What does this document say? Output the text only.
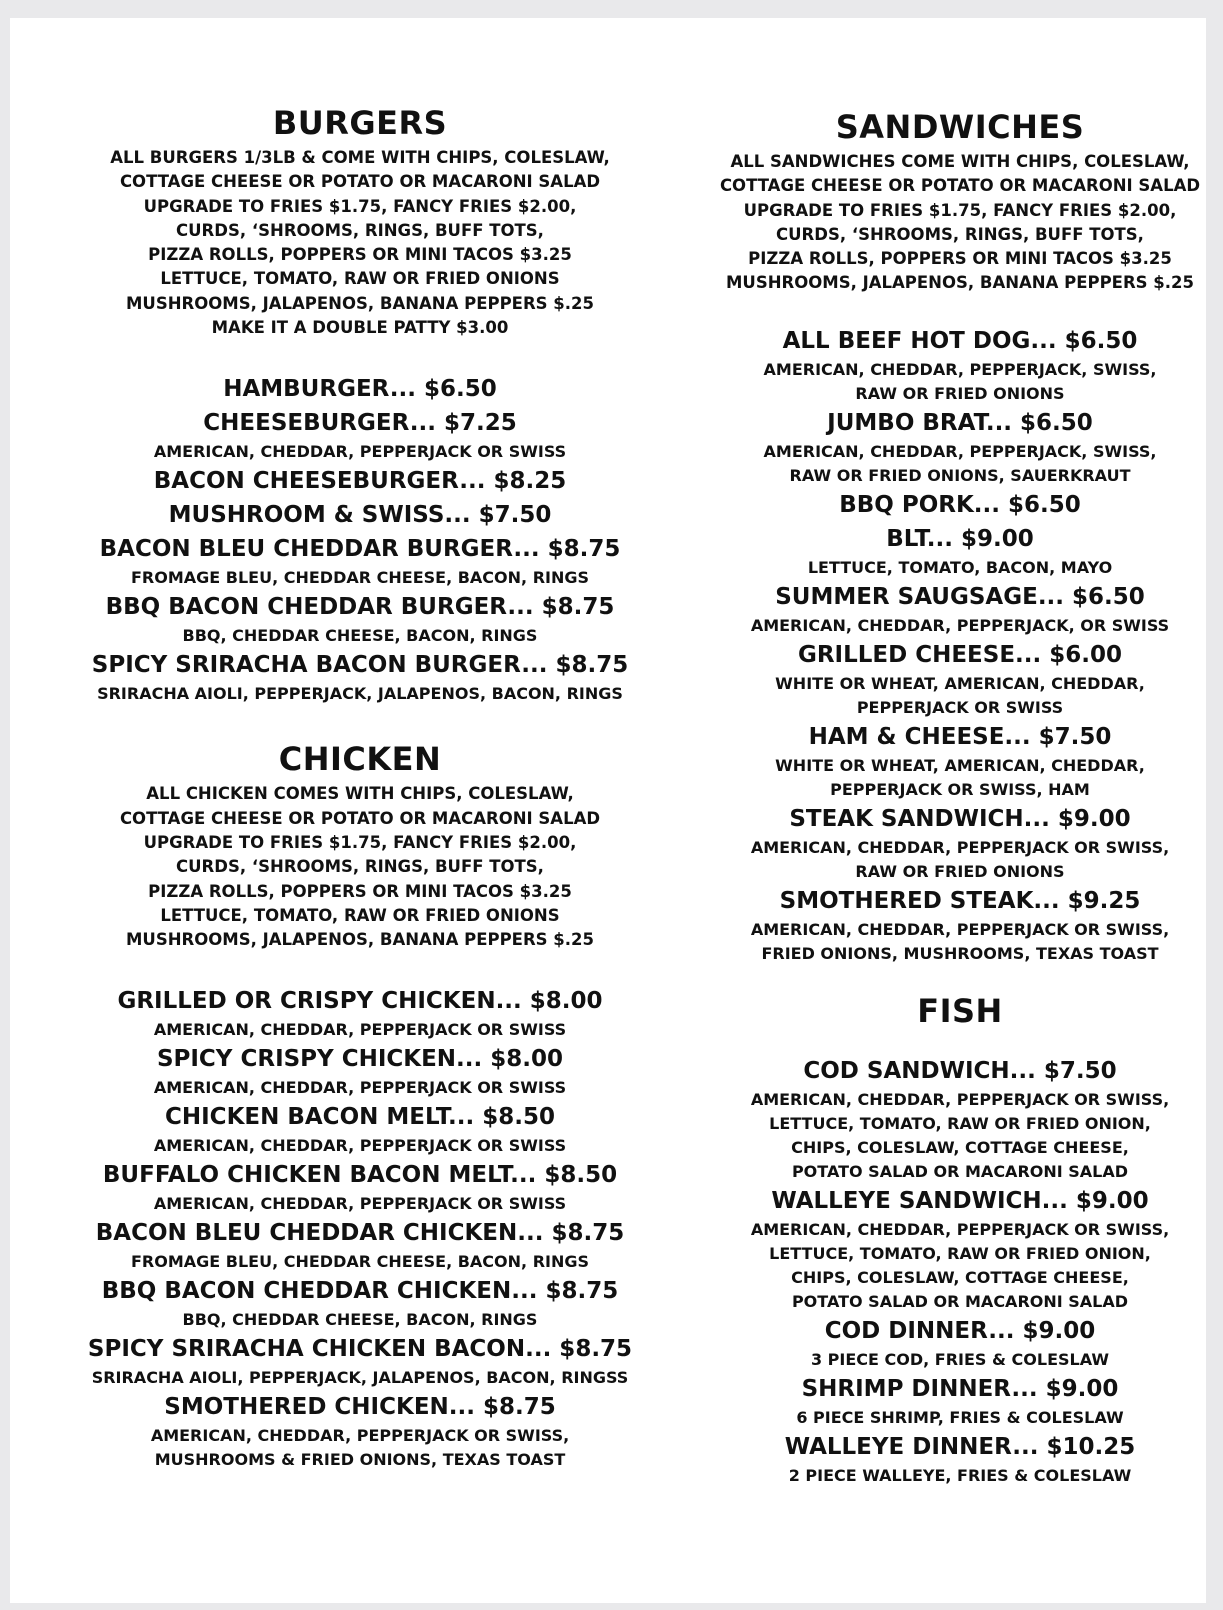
BURGERS
ALL BURGERS 1/3LB & COME WITH CHIPS, COLESLAW,
COTTAGE CHEESE OR POTATO OR MACARONI SALAD
UPGRADE TO FRIES $1.75, FANCY FRIES $2.00,
CURDS, ‘SHROOMS, RINGS, BUFF TOTS,
PIZZA ROLLS, POPPERS OR MINI TACOS $3.25
LETTUCE, TOMATO, RAW OR FRIED ONIONS
MUSHROOMS, JALAPENOS, BANANA PEPPERS $.25
MAKE IT A DOUBLE PATTY $3.00
HAMBURGER... $6.50
CHEESEBURGER... $7.25
AMERICAN, CHEDDAR, PEPPERJACK OR SWISS
BACON CHEESEBURGER... $8.25
MUSHROOM & SWISS... $7.50
BACON BLEU CHEDDAR BURGER... $8.75
FROMAGE BLEU, CHEDDAR CHEESE, BACON, RINGS
BBQ BACON CHEDDAR BURGER... $8.75
BBQ, CHEDDAR CHEESE, BACON, RINGS
SPICY SRIRACHA BACON BURGER... $8.75
SRIRACHA AIOLI, PEPPERJACK, JALAPENOS, BACON, RINGS
CHICKEN
ALL CHICKEN COMES WITH CHIPS, COLESLAW,
COTTAGE CHEESE OR POTATO OR MACARONI SALAD
UPGRADE TO FRIES $1.75, FANCY FRIES $2.00,
CURDS, ‘SHROOMS, RINGS, BUFF TOTS,
PIZZA ROLLS, POPPERS OR MINI TACOS $3.25
LETTUCE, TOMATO, RAW OR FRIED ONIONS
MUSHROOMS, JALAPENOS, BANANA PEPPERS $.25
GRILLED OR CRISPY CHICKEN... $8.00
AMERICAN, CHEDDAR, PEPPERJACK OR SWISS
SPICY CRISPY CHICKEN... $8.00
AMERICAN, CHEDDAR, PEPPERJACK OR SWISS
CHICKEN BACON MELT... $8.50
AMERICAN, CHEDDAR, PEPPERJACK OR SWISS
BUFFALO CHICKEN BACON MELT... $8.50
AMERICAN, CHEDDAR, PEPPERJACK OR SWISS
BACON BLEU CHEDDAR CHICKEN... $8.75
FROMAGE BLEU, CHEDDAR CHEESE, BACON, RINGS
BBQ BACON CHEDDAR CHICKEN... $8.75
BBQ, CHEDDAR CHEESE, BACON, RINGS
SPICY SRIRACHA CHICKEN BACON... $8.75
SRIRACHA AIOLI, PEPPERJACK, JALAPENOS, BACON, RINGSS
SMOTHERED CHICKEN... $8.75
AMERICAN, CHEDDAR, PEPPERJACK OR SWISS,
MUSHROOMS & FRIED ONIONS, TEXAS TOAST
SANDWICHES
ALL SANDWICHES COME WITH CHIPS, COLESLAW,
COTTAGE CHEESE OR POTATO OR MACARONI SALAD
UPGRADE TO FRIES $1.75, FANCY FRIES $2.00,
CURDS, ‘SHROOMS, RINGS, BUFF TOTS,
PIZZA ROLLS, POPPERS OR MINI TACOS $3.25
MUSHROOMS, JALAPENOS, BANANA PEPPERS $.25
ALL BEEF HOT DOG... $6.50
AMERICAN, CHEDDAR, PEPPERJACK, SWISS,
RAW OR FRIED ONIONS
JUMBO BRAT... $6.50
AMERICAN, CHEDDAR, PEPPERJACK, SWISS,
RAW OR FRIED ONIONS, SAUERKRAUT
BBQ PORK... $6.50
BLT... $9.00
LETTUCE, TOMATO, BACON, MAYO
SUMMER SAUGSAGE... $6.50
AMERICAN, CHEDDAR, PEPPERJACK, OR SWISS
GRILLED CHEESE... $6.00
WHITE OR WHEAT, AMERICAN, CHEDDAR,
PEPPERJACK OR SWISS
HAM & CHEESE... $7.50
WHITE OR WHEAT, AMERICAN, CHEDDAR,
PEPPERJACK OR SWISS, HAM
STEAK SANDWICH... $9.00
AMERICAN, CHEDDAR, PEPPERJACK OR SWISS,
RAW OR FRIED ONIONS
SMOTHERED STEAK... $9.25
AMERICAN, CHEDDAR, PEPPERJACK OR SWISS,
FRIED ONIONS, MUSHROOMS, TEXAS TOAST
FISH
COD SANDWICH... $7.50
AMERICAN, CHEDDAR, PEPPERJACK OR SWISS,
LETTUCE, TOMATO, RAW OR FRIED ONION,
CHIPS, COLESLAW, COTTAGE CHEESE,
POTATO SALAD OR MACARONI SALAD
WALLEYE SANDWICH... $9.00
AMERICAN, CHEDDAR, PEPPERJACK OR SWISS,
LETTUCE, TOMATO, RAW OR FRIED ONION,
CHIPS, COLESLAW, COTTAGE CHEESE,
POTATO SALAD OR MACARONI SALAD
COD DINNER... $9.00
3 PIECE COD, FRIES & COLESLAW
SHRIMP DINNER... $9.00
6 PIECE SHRIMP, FRIES & COLESLAW
WALLEYE DINNER... $10.25
2 PIECE WALLEYE, FRIES & COLESLAW
